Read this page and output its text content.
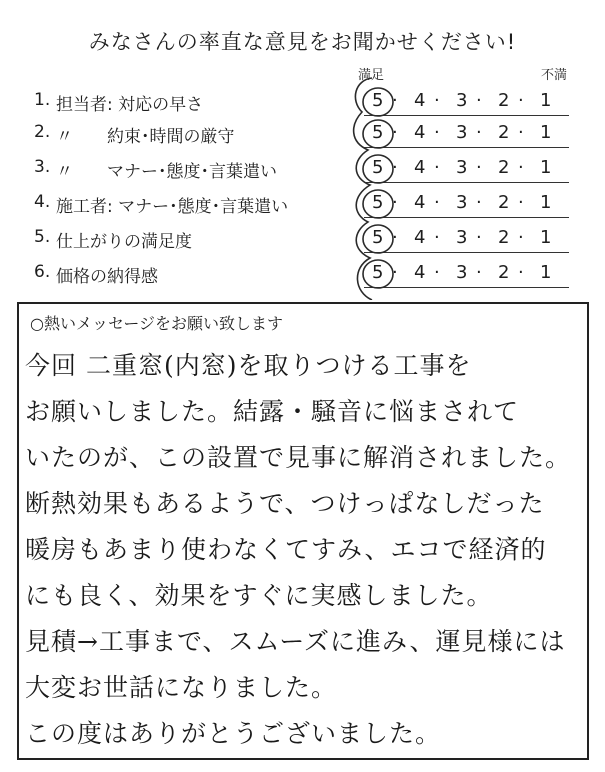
みなさんの率直な意見をお聞かせください!
満足	不満
1. 担当者: 対応の早さ	5 · 4 · 3 · 2 · 1
2. 〃　　約束･時間の厳守	5 · 4 · 3 · 2 · 1
3. 〃　　マナー･態度･言葉遣い	5 · 4 · 3 · 2 · 1
4. 施工者: マナー･態度･言葉遣い	5 · 4 · 3 · 2 · 1
5. 仕上がりの満足度	5 · 4 · 3 · 2 · 1
6. 価格の納得感	5 · 4 · 3 · 2 · 1
○熱いメッセージをお願い致します
今回 二重窓(内窓)を取りつける工事を
お願いしました。結露・騒音に悩まされて
いたのが、この設置で見事に解消されました。
断熱効果もあるようで、つけっぱなしだった
暖房もあまり使わなくてすみ、エコで経済的
にも良く、効果をすぐに実感しました。
見積→工事まで、スムーズに進み、運見様には
大変お世話になりました。
この度はありがとうございました。
